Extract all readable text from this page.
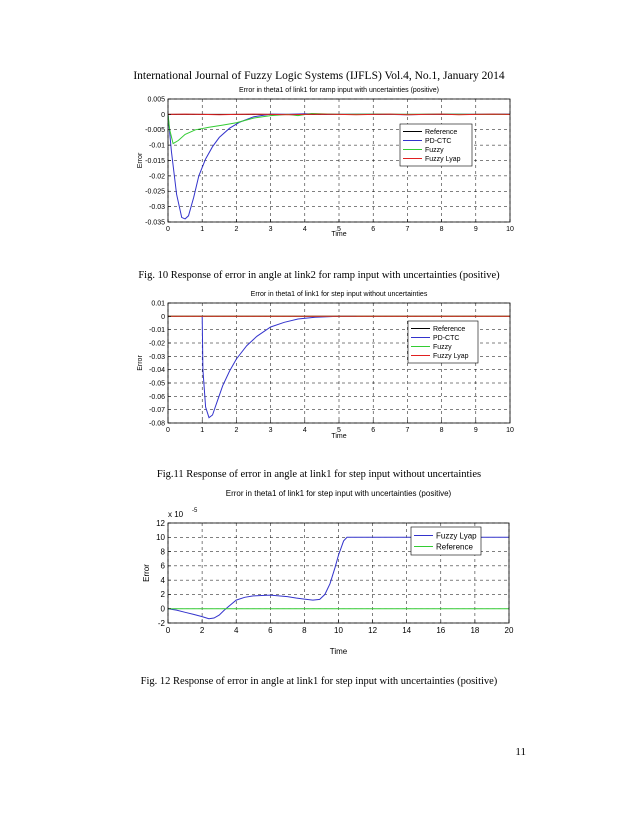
International Journal of Fuzzy Logic Systems (IJFLS) Vol.4, No.1, January 2014
0	1	2	3	4	5	6	7	8	9	10
0.005
0
-0.005
-0.01
-0.015
-0.02
-0.025
-0.03
-0.035
Error in theta1 of link1 for ramp input with uncertainties (positive)
Time
Error
Reference
PD-CTC
Fuzzy
Fuzzy Lyap
Fig. 10 Response of error in angle at link2 for ramp input with uncertainties (positive)
0	1	2	3	4	5	6	7	8	9	10
0.01
0
-0.01
-0.02
-0.03
-0.04
-0.05
-0.06
-0.07
-0.08
Error in theta1 of link1 for step input without uncertainties
Time
Error
Reference
PD-CTC
Fuzzy
Fuzzy Lyap
Fig.11 Response of error in angle at link1 for step input without uncertainties
0	2	4	6	8	10	12	14	16	18	20
12
10
8
6
4
2
0
-2
Error in theta1 of link1 for step input with uncertainties (positive)
Time
Error
x 10 -5
Fuzzy Lyap
Reference
Fig. 12 Response of error in angle at link1 for step input with uncertainties (positive)
11
